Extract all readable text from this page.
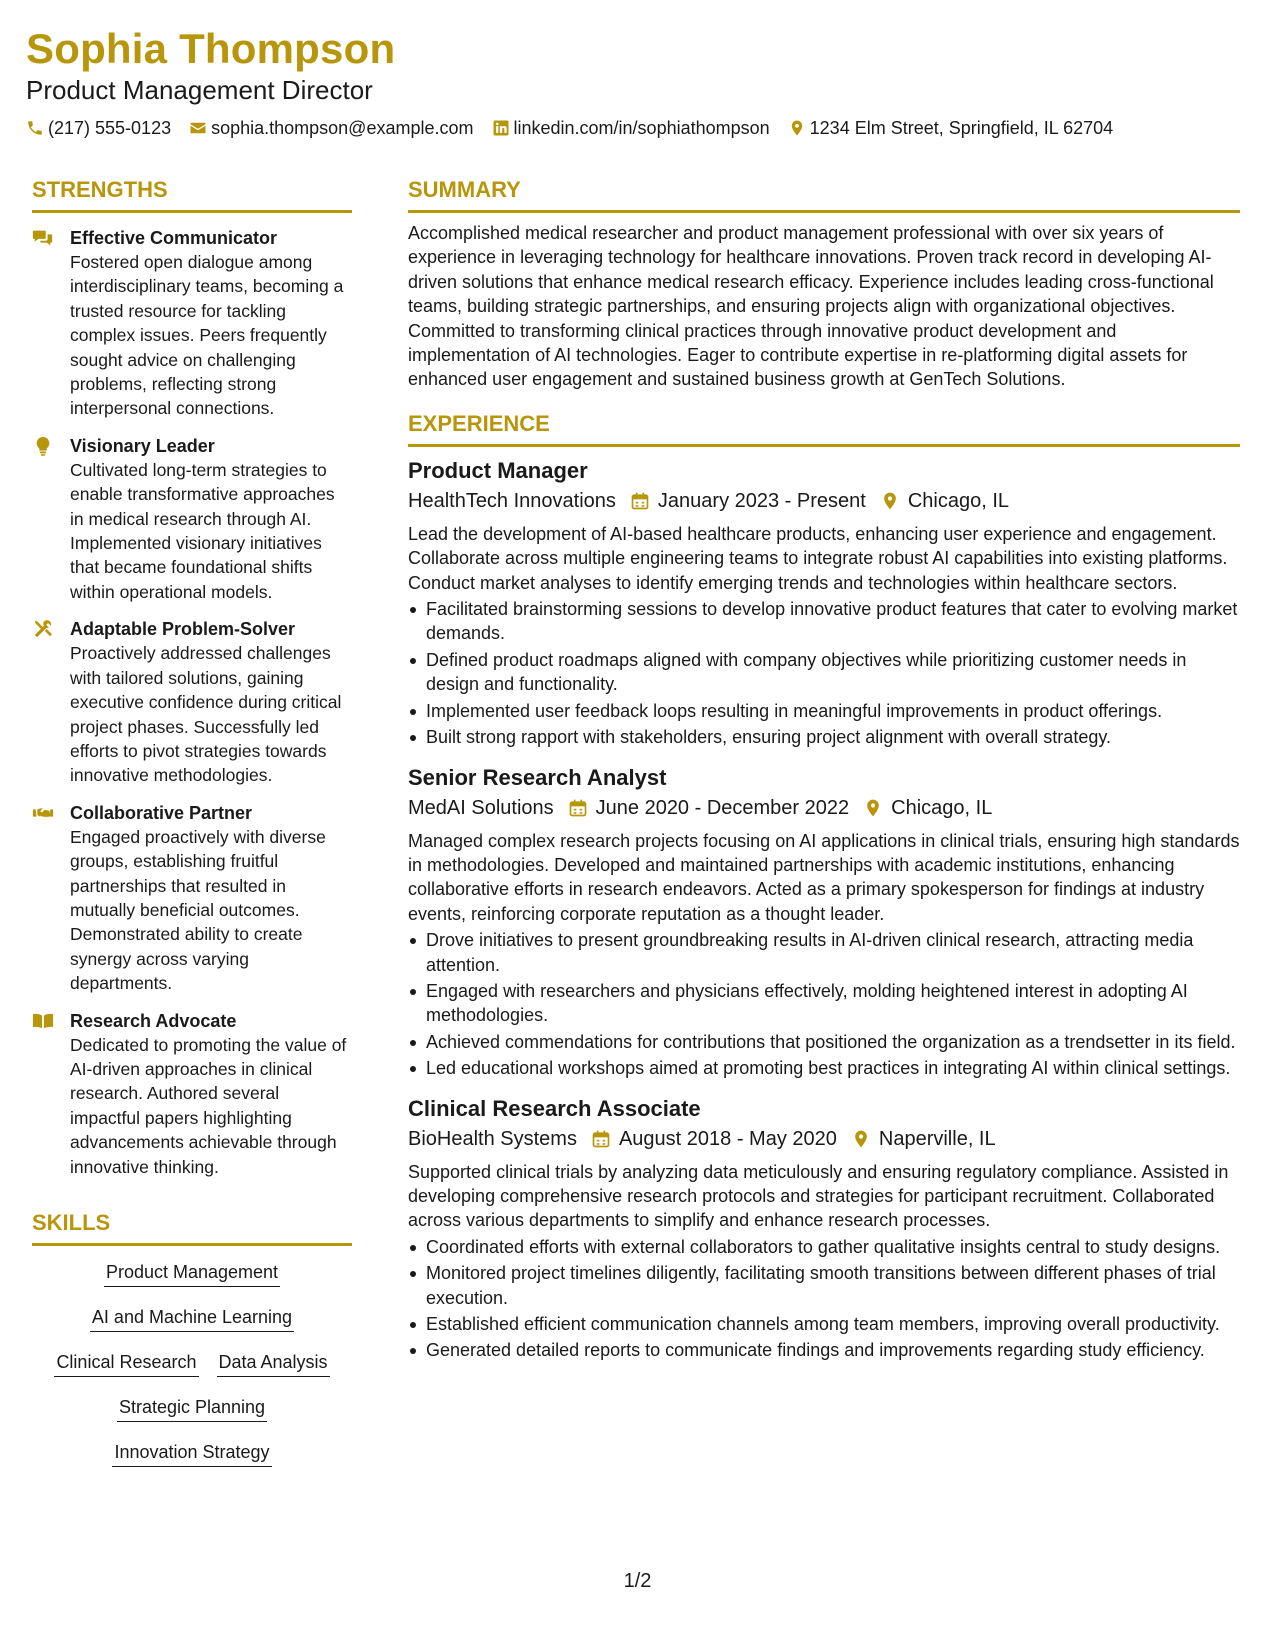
Sophia Thompson
Product Management Director
(217) 555-0123 sophia.thompson@example.com linkedin.com/in/sophiathompson 1234 Elm Street, Springfield, IL 62704
STRENGTHS
Effective Communicator
Fostered open dialogue among interdisciplinary teams, becoming a trusted resource for tackling complex issues. Peers frequently sought advice on challenging problems, reflecting strong interpersonal connections.
Visionary Leader
Cultivated long-term strategies to enable transformative approaches in medical research through AI. Implemented visionary initiatives that became foundational shifts within operational models.
Adaptable Problem-Solver
Proactively addressed challenges with tailored solutions, gaining executive confidence during critical project phases. Successfully led efforts to pivot strategies towards innovative methodologies.
Collaborative Partner
Engaged proactively with diverse groups, establishing fruitful partnerships that resulted in mutually beneficial outcomes. Demonstrated ability to create synergy across varying departments.
Research Advocate
Dedicated to promoting the value of AI-driven approaches in clinical research. Authored several impactful papers highlighting advancements achievable through innovative thinking.
SKILLS
Product Management
AI and Machine Learning
Clinical Research Data Analysis
Strategic Planning
Innovation Strategy
SUMMARY
Accomplished medical researcher and product management professional with over six years of experience in leveraging technology for healthcare innovations. Proven track record in developing AI-driven solutions that enhance medical research efficacy. Experience includes leading cross-functional teams, building strategic partnerships, and ensuring projects align with organizational objectives. Committed to transforming clinical practices through innovative product development and implementation of AI technologies. Eager to contribute expertise in re-platforming digital assets for enhanced user engagement and sustained business growth at GenTech Solutions.
EXPERIENCE
Product Manager
HealthTech Innovations January 2023 - Present Chicago, IL
Lead the development of AI-based healthcare products, enhancing user experience and engagement. Collaborate across multiple engineering teams to integrate robust AI capabilities into existing platforms. Conduct market analyses to identify emerging trends and technologies within healthcare sectors.
Facilitated brainstorming sessions to develop innovative product features that cater to evolving market demands.
Defined product roadmaps aligned with company objectives while prioritizing customer needs in design and functionality.
Implemented user feedback loops resulting in meaningful improvements in product offerings.
Built strong rapport with stakeholders, ensuring project alignment with overall strategy.
Senior Research Analyst
MedAI Solutions June 2020 - December 2022 Chicago, IL
Managed complex research projects focusing on AI applications in clinical trials, ensuring high standards in methodologies. Developed and maintained partnerships with academic institutions, enhancing collaborative efforts in research endeavors. Acted as a primary spokesperson for findings at industry events, reinforcing corporate reputation as a thought leader.
Drove initiatives to present groundbreaking results in AI-driven clinical research, attracting media attention.
Engaged with researchers and physicians effectively, molding heightened interest in adopting AI methodologies.
Achieved commendations for contributions that positioned the organization as a trendsetter in its field.
Led educational workshops aimed at promoting best practices in integrating AI within clinical settings.
Clinical Research Associate
BioHealth Systems August 2018 - May 2020 Naperville, IL
Supported clinical trials by analyzing data meticulously and ensuring regulatory compliance. Assisted in developing comprehensive research protocols and strategies for participant recruitment. Collaborated across various departments to simplify and enhance research processes.
Coordinated efforts with external collaborators to gather qualitative insights central to study designs.
Monitored project timelines diligently, facilitating smooth transitions between different phases of trial execution.
Established efficient communication channels among team members, improving overall productivity.
Generated detailed reports to communicate findings and improvements regarding study efficiency.
1/2
